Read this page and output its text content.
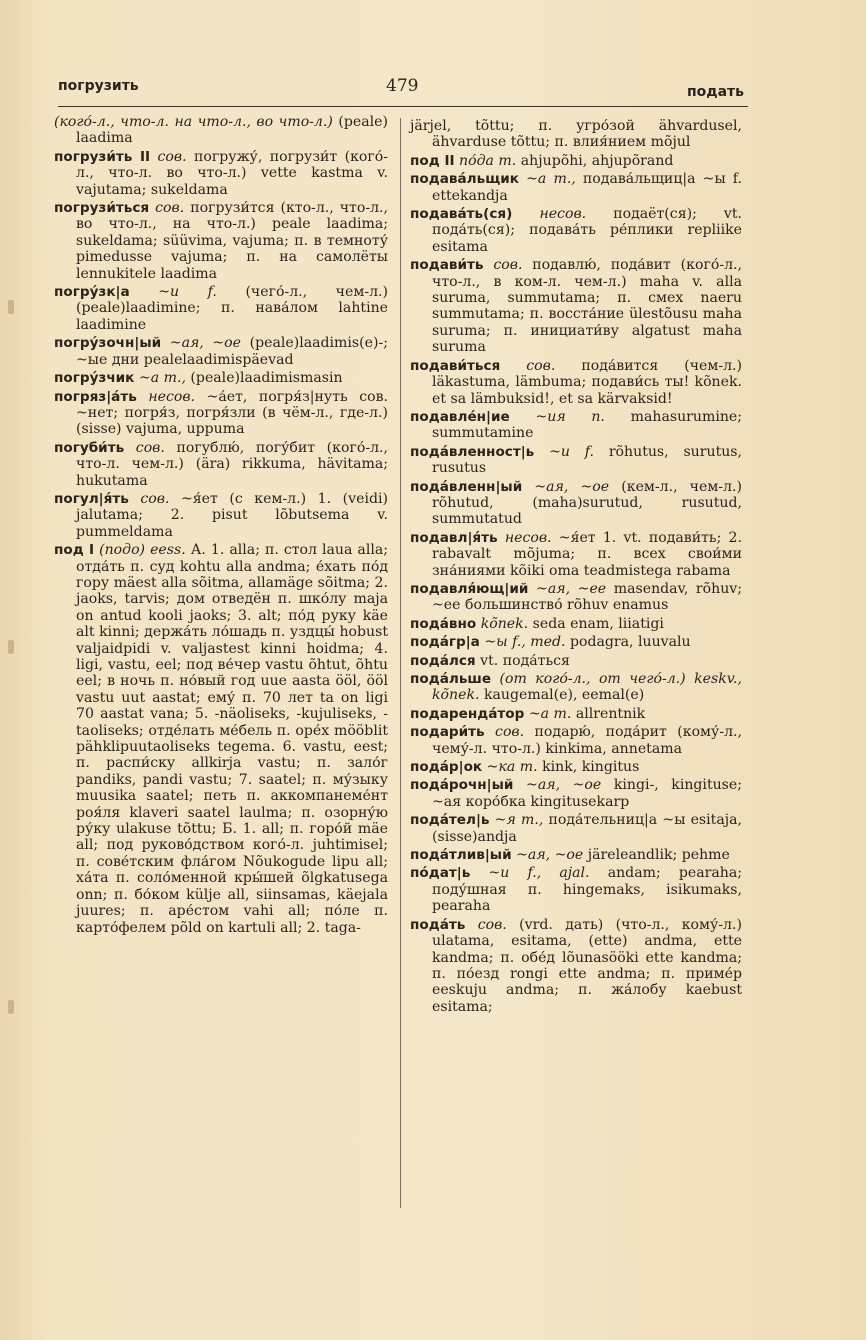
погрузить	479	подать

(кого́-л., что-л. на что-л., во что-л.) (peale) laadima

погрузи́ть II сов. погружу́, погрузи́т (кого́-л., что-л. во что-л.) vette kastma v. vajutama; sukeldama

погрузи́ться сов. погрузи́тся (кто-л., что-л., во что-л., на что-л.) peale laadima; sukeldama; süüvima, vajuma; п. в темноту́ pimedusse vajuma; п. на самолёты lennukitele laadima

погру́зк|а ~и f. (чего́-л., чем-л.) (peale)laadimine; п. нава́лом lahtine laadimine

погру́зочн|ый ~ая, ~ое (peale)laadimis(e)-; ~ые дни pealelaadimispäevad

погру́зчик ~а m., (peale)laadimismasin

погряз|а́ть несов. ~а́ет, погря́з|нуть сов. ~нет; погря́з, погря́зли (в чём-л., где-л.) (sisse) vajuma, uppuma

погуби́ть сов. погублю́, погу́бит (кого́-л., что-л. чем-л.) (ära) rikkuma, hävitama; hukutama

погул|я́ть сов. ~я́ет (с кем-л.) 1. (veidi) jalutama; 2. pisut lõbutsema v. pummeldama

под I (подо) eess. А. 1. alla; п. стол laua alla; отда́ть п. суд kohtu alla andma; е́хать по́д гору mäest alla sõitma, allamäge sõitma; 2. jaoks, tarvis; дом отведён п. шко́лу maja on antud kooli jaoks; 3. alt; по́д руку käe alt kinni; держа́ть ло́шадь п. уздцы́ hobust valjaidpidi v. valjastest kinni hoidma; 4. ligi, vastu, eel; под ве́чер vastu õhtut, õhtu eel; в ночь п. но́вый год uue aasta ööl, ööl vastu uut aastat; ему́ п. 70 лет ta on ligi 70 aastat vana; 5. -näoliseks, -kujuliseks, -taoliseks; отде́лать ме́бель п. оре́х mööblit pähklipuutaoliseks tegema. 6. vastu, eest; п. распи́ску allkirja vastu; п. зало́г pandiks, pandi vastu; 7. saatel; п. му́зыку muusika saatel; петь п. аккомпанеме́нт роя́ля klaveri saatel laulma; п. озорну́ю ру́ку ulakuse tõttu; Б. 1. all; п. горо́й mäe all; под руково́дством кого́-л. juhtimisel; п. сове́тским фла́гом Nõukogude lipu all; ха́та п. соло́менной кры́шей õlgkatusega onn; п. бо́ком külje all, siinsamas, käejala juures; п. аре́стом vahi all; по́ле п. карто́фелем põld on kartuli all; 2. taga-

järjel, tõttu; п. угро́зой ähvardusel, ähvarduse tõttu; п. влия́нием mõjul

под II по́да m. ahjupõhi, ahjupõrand

подава́льщик ~а m., подава́льщиц|а ~ы f. ettekandja

подава́ть(ся) несов. подаёт(ся); vt. пода́ть(ся); подава́ть ре́плики repliike esitama

подави́ть сов. подавлю́, пода́вит (кого́-л., что-л., в ком-л. чем-л.) maha v. alla suruma, summutama; п. смех naeru summutama; п. восста́ние ülestõusu maha suruma; п. инициати́ву algatust maha suruma

подави́ться сов. пода́вится (чем-л.) läkastuma, lämbuma; подави́сь ты! kõnek. et sa lämbuksid!, et sa kärvaksid!

подавле́н|ие ~ия n. mahasurumine; summutamine

пода́вленност|ь ~и f. rõhutus, surutus, rusutus

пода́вленн|ый ~ая, ~ое (кем-л., чем-л.) rõhutud, (maha)surutud, rusutud, summutatud

подавл|я́ть несов. ~я́ет 1. vt. подави́ть; 2. rabavalt mõjuma; п. всех свои́ми зна́ниями kõiki oma teadmistega rabama

подавля́ющ|ий ~ая, ~ее masendav, rõhuv; ~ее большинство́ rõhuv enamus

пода́вно kõnek. seda enam, liiatigi

пода́гр|а ~ы f., med. podagra, luuvalu

пода́лся vt. пода́ться

пода́льше (от кого́-л., от чего́-л.) keskv., kõnek. kaugemal(e), eemal(e)

подаренда́тор ~а m. allrentnik

подари́ть сов. подарю́, пода́рит (кому́-л., чему́-л. что-л.) kinkima, annetama

пода́р|ок ~ка m. kink, kingitus

пода́рочн|ый ~ая, ~ое kingi-, kingituse; ~ая коро́бка kingitusekarp

пода́тел|ь ~я m., пода́тельниц|а ~ы esitaja, (sisse)andja

пода́тлив|ый ~ая, ~ое järeleandlik; pehme

по́дат|ь ~и f., ajal. andam; pearaha; поду́шная п. hingemaks, isikumaks, pearaha

пода́ть сов. (vrd. дать) (что-л., кому́-л.) ulatama, esitama, (ette) andma, ette kandma; п. обе́д lõunasööki ette kandma; п. по́езд rongi ette andma; п. приме́р eeskuju andma; п. жа́лобу kaebust esitama;
